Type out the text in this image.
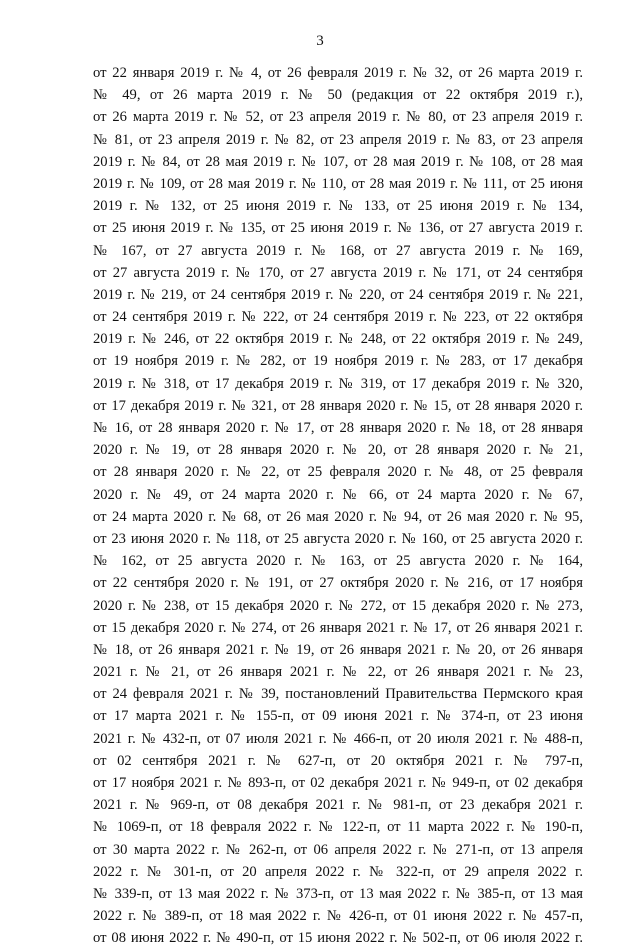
3
от 22 января 2019 г. № 4, от 26 февраля 2019 г. № 32, от 26 марта 2019 г.
№ 49, от 26 марта 2019 г. № 50 (редакция от 22 октября 2019 г.),
от 26 марта 2019 г. № 52, от 23 апреля 2019 г. № 80, от 23 апреля 2019 г.
№ 81, от 23 апреля 2019 г. № 82, от 23 апреля 2019 г. № 83, от 23 апреля
2019 г. № 84, от 28 мая 2019 г. № 107, от 28 мая 2019 г. № 108, от 28 мая
2019 г. № 109, от 28 мая 2019 г. № 110, от 28 мая 2019 г. № 111, от 25 июня
2019 г. № 132, от 25 июня 2019 г. № 133, от 25 июня 2019 г. № 134,
от 25 июня 2019 г. № 135, от 25 июня 2019 г. № 136, от 27 августа 2019 г.
№ 167, от 27 августа 2019 г. № 168, от 27 августа 2019 г. № 169,
от 27 августа 2019 г. № 170, от 27 августа 2019 г. № 171, от 24 сентября
2019 г. № 219, от 24 сентября 2019 г. № 220, от 24 сентября 2019 г. № 221,
от 24 сентября 2019 г. № 222, от 24 сентября 2019 г. № 223, от 22 октября
2019 г. № 246, от 22 октября 2019 г. № 248, от 22 октября 2019 г. № 249,
от 19 ноября 2019 г. № 282, от 19 ноября 2019 г. № 283, от 17 декабря
2019 г. № 318, от 17 декабря 2019 г. № 319, от 17 декабря 2019 г. № 320,
от 17 декабря 2019 г. № 321, от 28 января 2020 г. № 15, от 28 января 2020 г.
№ 16, от 28 января 2020 г. № 17, от 28 января 2020 г. № 18, от 28 января
2020 г. № 19, от 28 января 2020 г. № 20, от 28 января 2020 г. № 21,
от 28 января 2020 г. № 22, от 25 февраля 2020 г. № 48, от 25 февраля
2020 г. № 49, от 24 марта 2020 г. № 66, от 24 марта 2020 г. № 67,
от 24 марта 2020 г. № 68, от 26 мая 2020 г. № 94, от 26 мая 2020 г. № 95,
от 23 июня 2020 г. № 118, от 25 августа 2020 г. № 160, от 25 августа 2020 г.
№ 162, от 25 августа 2020 г. № 163, от 25 августа 2020 г. № 164,
от 22 сентября 2020 г. № 191, от 27 октября 2020 г. № 216, от 17 ноября
2020 г. № 238, от 15 декабря 2020 г. № 272, от 15 декабря 2020 г. № 273,
от 15 декабря 2020 г. № 274, от 26 января 2021 г. № 17, от 26 января 2021 г.
№ 18, от 26 января 2021 г. № 19, от 26 января 2021 г. № 20, от 26 января
2021 г. № 21, от 26 января 2021 г. № 22, от 26 января 2021 г. № 23,
от 24 февраля 2021 г. № 39, постановлений Правительства Пермского края
от 17 марта 2021 г. № 155-п, от 09 июня 2021 г. № 374-п, от 23 июня
2021 г. № 432-п, от 07 июля 2021 г. № 466-п, от 20 июля 2021 г. № 488-п,
от 02 сентября 2021 г. № 627-п, от 20 октября 2021 г. № 797-п,
от 17 ноября 2021 г. № 893-п, от 02 декабря 2021 г. № 949-п, от 02 декабря
2021 г. № 969-п, от 08 декабря 2021 г. № 981-п, от 23 декабря 2021 г.
№ 1069-п, от 18 февраля 2022 г. № 122-п, от 11 марта 2022 г. № 190-п,
от 30 марта 2022 г. № 262-п, от 06 апреля 2022 г. № 271-п, от 13 апреля
2022 г. № 301-п, от 20 апреля 2022 г. № 322-п, от 29 апреля 2022 г.
№ 339-п, от 13 мая 2022 г. № 373-п, от 13 мая 2022 г. № 385-п, от 13 мая
2022 г. № 389-п, от 18 мая 2022 г. № 426-п, от 01 июня 2022 г. № 457-п,
от 08 июня 2022 г. № 490-п, от 15 июня 2022 г. № 502-п, от 06 июля 2022 г.
